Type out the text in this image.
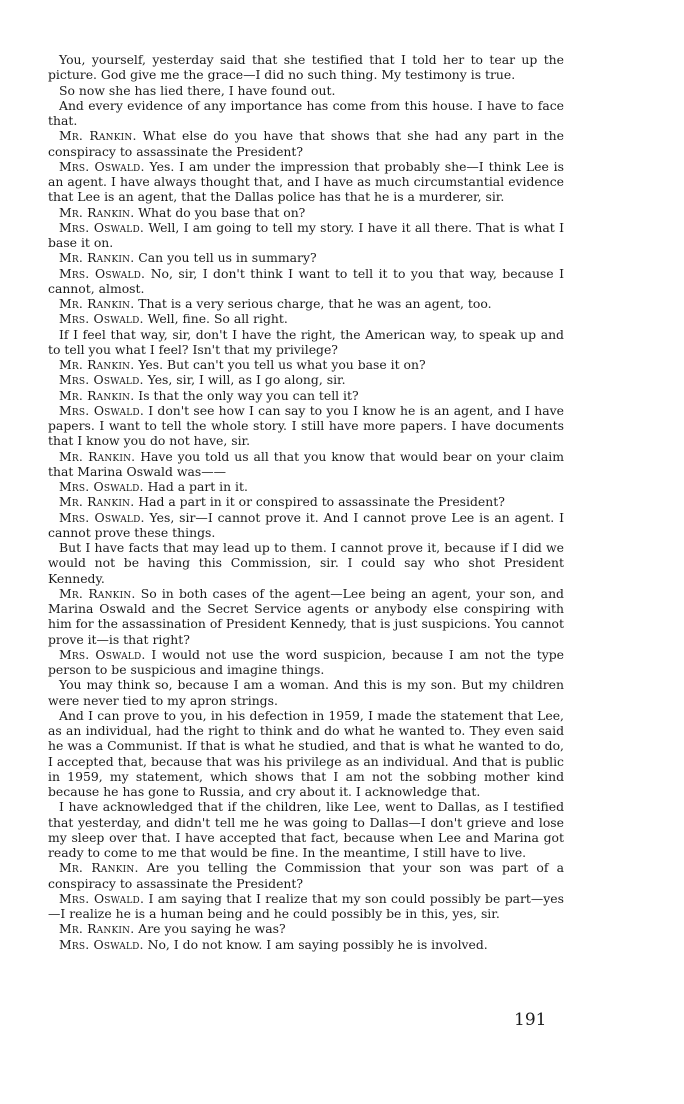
You, yourself, yesterday said that she testified that I told her to tear up the picture. God give me the grace—I did no such thing. My testimony is true.

So now she has lied there, I have found out.

And every evidence of any importance has come from this house. I have to face that.

Mr. Rankin. What else do you have that shows that she had any part in the conspiracy to assassinate the President?

Mrs. Oswald. Yes. I am under the impression that probably she—I think Lee is an agent. I have always thought that, and I have as much circumstantial evidence that Lee is an agent, that the Dallas police has that he is a murderer, sir.

Mr. Rankin. What do you base that on?

Mrs. Oswald. Well, I am going to tell my story. I have it all there. That is what I base it on.

Mr. Rankin. Can you tell us in summary?

Mrs. Oswald. No, sir, I don't think I want to tell it to you that way, because I cannot, almost.

Mr. Rankin. That is a very serious charge, that he was an agent, too.

Mrs. Oswald. Well, fine. So all right.

If I feel that way, sir, don't I have the right, the American way, to speak up and to tell you what I feel? Isn't that my privilege?

Mr. Rankin. Yes. But can't you tell us what you base it on?

Mrs. Oswald. Yes, sir, I will, as I go along, sir.

Mr. Rankin. Is that the only way you can tell it?

Mrs. Oswald. I don't see how I can say to you I know he is an agent, and I have papers. I want to tell the whole story. I still have more papers. I have documents that I know you do not have, sir.

Mr. Rankin. Have you told us all that you know that would bear on your claim that Marina Oswald was——

Mrs. Oswald. Had a part in it.

Mr. Rankin. Had a part in it or conspired to assassinate the President?

Mrs. Oswald. Yes, sir—I cannot prove it. And I cannot prove Lee is an agent. I cannot prove these things.

But I have facts that may lead up to them. I cannot prove it, because if I did we would not be having this Commission, sir. I could say who shot President Kennedy.

Mr. Rankin. So in both cases of the agent—Lee being an agent, your son, and Marina Oswald and the Secret Service agents or anybody else conspiring with him for the assassination of President Kennedy, that is just suspicions. You cannot prove it—is that right?

Mrs. Oswald. I would not use the word suspicion, because I am not the type person to be suspicious and imagine things.

You may think so, because I am a woman. And this is my son. But my children were never tied to my apron strings.

And I can prove to you, in his defection in 1959, I made the statement that Lee, as an individual, had the right to think and do what he wanted to. They even said he was a Communist. If that is what he studied, and that is what he wanted to do, I accepted that, because that was his privilege as an individual. And that is public in 1959, my statement, which shows that I am not the sobbing mother kind because he has gone to Russia, and cry about it. I acknowledge that.

I have acknowledged that if the children, like Lee, went to Dallas, as I testified that yesterday, and didn't tell me he was going to Dallas—I don't grieve and lose my sleep over that. I have accepted that fact, because when Lee and Marina got ready to come to me that would be fine. In the meantime, I still have to live.

Mr. Rankin. Are you telling the Commission that your son was part of a conspiracy to assassinate the President?

Mrs. Oswald. I am saying that I realize that my son could possibly be part—yes—I realize he is a human being and he could possibly be in this, yes, sir.

Mr. Rankin. Are you saying he was?

Mrs. Oswald. No, I do not know. I am saying possibly he is involved.

191
